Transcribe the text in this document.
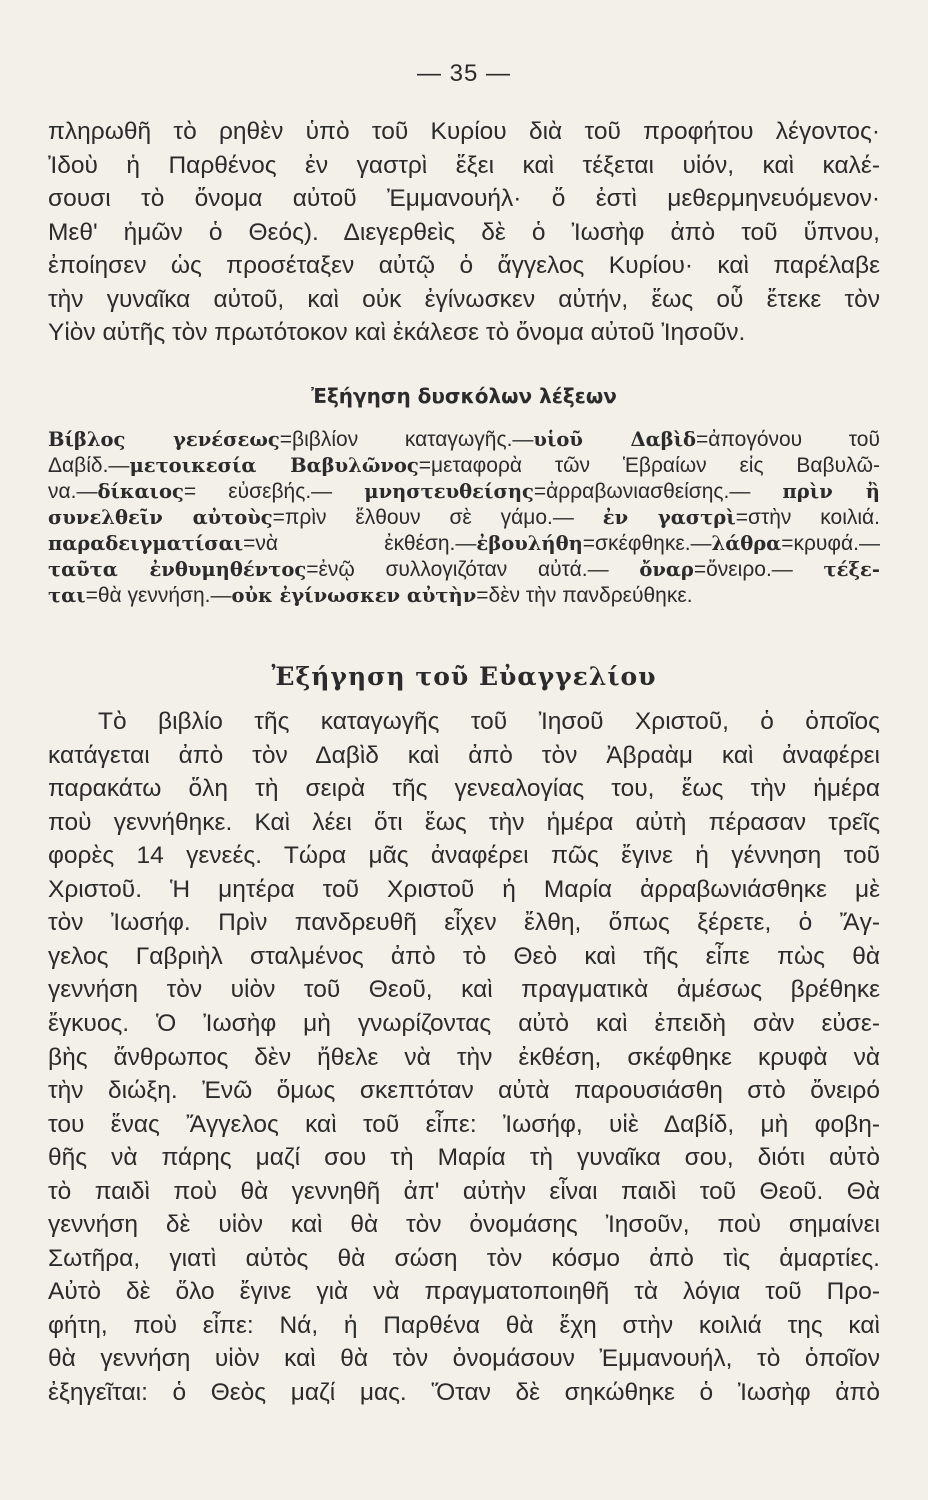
— 35 —
πληρωθῆ τὸ ρηθὲν ὑπὸ τοῦ Κυρίου διὰ τοῦ προφήτου λέγοντος·
Ἰδοὺ ἡ Παρθένος ἐν γαστρὶ ἕξει καὶ τέξεται υἱόν, καὶ καλέ-
σουσι τὸ ὄνομα αὐτοῦ Ἐμμανουήλ· ὅ ἐστὶ μεθερμηνευόμενον·
Μεθ' ἡμῶν ὁ Θεός). Διεγερθεὶς δὲ ὁ Ἰωσὴφ ἀπὸ τοῦ ὕπνου,
ἐποίησεν ὡς προσέταξεν αὐτῷ ὁ ἄγγελος Κυρίου· καὶ παρέλαβε
τὴν γυναῖκα αὐτοῦ, καὶ οὐκ ἐγίνωσκεν αὐτήν, ἕως οὗ ἔτεκε τὸν
Υἱὸν αὐτῆς τὸν πρωτότοκον καὶ ἐκάλεσε τὸ ὄνομα αὐτοῦ Ἰησοῦν.
Ἐξήγηση δυσκόλων λέξεων
Βίβλος γενέσεως=βιβλίον καταγωγῆς.—υἱοῦ Δαβὶδ=ἀπογόνου τοῦ
Δαβίδ.—μετοικεσία Βαβυλῶνος=μεταφορὰ τῶν Ἑβραίων εἰς Βαβυλῶ-
να.—δίκαιος= εὐσεβής.— μνηστευθείσης=ἀρραβωνιασθείσης.— πρὶν ἢ
συνελθεῖν αὐτοὺς=πρὶν ἔλθουν σὲ γάμο.— ἐν γαστρὶ=στὴν κοιλιά.
παραδειγματίσαι=νὰ ἐκθέση.—ἐβουλήθη=σκέφθηκε.—λάθρα=κρυφά.—
ταῦτα ἐνθυμηθέντος=ἐνῷ συλλογιζόταν αὐτά.— ὄναρ=ὄνειρο.— τέξε-
ται=θὰ γεννήση.—οὐκ ἐγίνωσκεν αὐτὴν=δὲν τὴν πανδρεύθηκε.
Ἐξήγηση τοῦ Εὐαγγελίου
Τὸ βιβλίο τῆς καταγωγῆς τοῦ Ἰησοῦ Χριστοῦ, ὁ ὁποῖος
κατάγεται ἀπὸ τὸν Δαβὶδ καὶ ἀπὸ τὸν Ἀβραὰμ καὶ ἀναφέρει
παρακάτω ὅλη τὴ σειρὰ τῆς γενεαλογίας του, ἕως τὴν ἡμέρα
ποὺ γεννήθηκε. Καὶ λέει ὅτι ἕως τὴν ἡμέρα αὐτὴ πέρασαν τρεῖς
φορὲς 14 γενεές. Τώρα μᾶς ἀναφέρει πῶς ἔγινε ἡ γέννηση τοῦ
Χριστοῦ. Ἡ μητέρα τοῦ Χριστοῦ ἡ Μαρία ἀρραβωνιάσθηκε μὲ
τὸν Ἰωσήφ. Πρὶν πανδρευθῆ εἶχεν ἔλθη, ὅπως ξέρετε, ὁ Ἄγ-
γελος Γαβριὴλ σταλμένος ἀπὸ τὸ Θεὸ καὶ τῆς εἶπε πὼς θὰ
γεννήση τὸν υἱὸν τοῦ Θεοῦ, καὶ πραγματικὰ ἀμέσως βρέθηκε
ἔγκυος. Ὁ Ἰωσὴφ μὴ γνωρίζοντας αὐτὸ καὶ ἐπειδὴ σὰν εὐσε-
βὴς ἄνθρωπος δὲν ἤθελε νὰ τὴν ἐκθέση, σκέφθηκε κρυφὰ νὰ
τὴν διώξη. Ἐνῶ ὅμως σκεπτόταν αὐτὰ παρουσιάσθη στὸ ὄνειρό
του ἕνας Ἄγγελος καὶ τοῦ εἶπε: Ἰωσήφ, υἱὲ Δαβίδ, μὴ φοβη-
θῆς νὰ πάρης μαζί σου τὴ Μαρία τὴ γυναῖκα σου, διότι αὐτὸ
τὸ παιδὶ ποὺ θὰ γεννηθῆ ἀπ' αὐτὴν εἶναι παιδὶ τοῦ Θεοῦ. Θὰ
γεννήση δὲ υἱὸν καὶ θὰ τὸν ὀνομάσης Ἰησοῦν, ποὺ σημαίνει
Σωτῆρα, γιατὶ αὐτὸς θὰ σώση τὸν κόσμο ἀπὸ τὶς ἁμαρτίες.
Αὐτὸ δὲ ὅλο ἔγινε γιὰ νὰ πραγματοποιηθῆ τὰ λόγια τοῦ Προ-
φήτη, ποὺ εἶπε: Νά, ἡ Παρθένα θὰ ἔχη στὴν κοιλιά της καὶ
θὰ γεννήση υἱὸν καὶ θὰ τὸν ὀνομάσουν Ἐμμανουήλ, τὸ ὁποῖον
ἐξηγεῖται: ὁ Θεὸς μαζί μας. Ὅταν δὲ σηκώθηκε ὁ Ἰωσὴφ ἀπὸ
